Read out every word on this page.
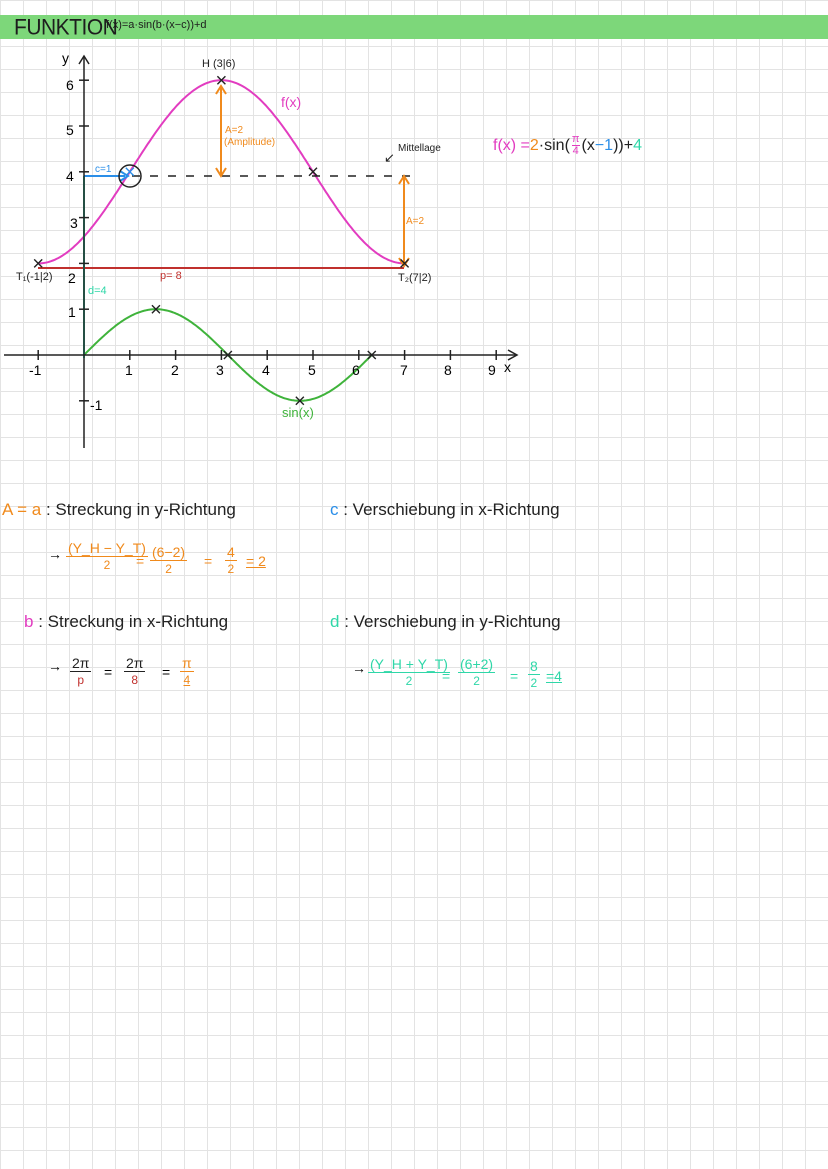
FUNKTION
f(x)=a·sin(b·(x−c))+d
y
x
-1	1	2	3	4	5	6	7	8	9
6
5
4
3
2
1
-1
H (3|6)
T₁(-1|2)	T₂(7|2)
f(x)
sin(x)
A=2
(Amplitude)
A=2
Mittellage
↙
c=1
d=4
p= 8
$f(x) = 2 \cdot \sin( \frac{\pi}{4} (x - 1$ )) + 4
A = a : Streckung in y-Richtung
→ $\frac{(Y\_H - Y\_T)}{2}$
= $\frac{(6-2)}{2} = \frac{4}{2} = 2$
c : Verschiebung in x-Richtung
b : Streckung in x-Richtung
→ $\frac{2\pi}{p} = \frac{2\pi}{8} = \frac{\pi}{4}$
d : Verschiebung in y-Richtung
→ $\frac{(Y\_H + Y\_T)}{2}$
= $\frac{(6+2)}{2} = \frac{8}{2} =4$
